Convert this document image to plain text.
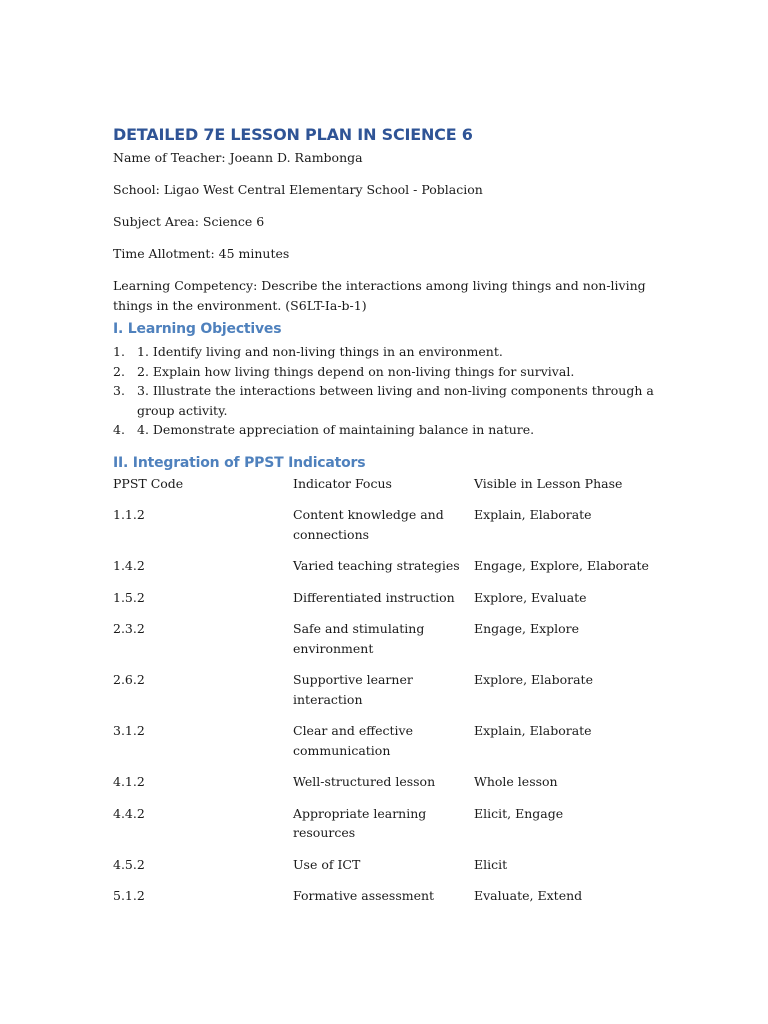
DETAILED 7E LESSON PLAN IN SCIENCE 6

Name of Teacher: Joeann D. Rambonga

School: Ligao West Central Elementary School - Poblacion

Subject Area: Science 6

Time Allotment: 45 minutes

Learning Competency: Describe the interactions among living things and non-living things in the environment. (S6LT-Ia-b-1)

I. Learning Objectives
1. 1. Identify living and non-living things in an environment.
2. 2. Explain how living things depend on non-living things for survival.
3. 3. Illustrate the interactions between living and non-living components through a group activity.
4. 4. Demonstrate appreciation of maintaining balance in nature.
II. Integration of PPST Indicators
PPST Code	Indicator Focus	Visible in Lesson Phase
1.1.2	Content knowledge and connections	Explain, Elaborate
1.4.2	Varied teaching strategies	Engage, Explore, Elaborate
1.5.2	Differentiated instruction	Explore, Evaluate
2.3.2	Safe and stimulating environment	Engage, Explore
2.6.2	Supportive learner interaction	Explore, Elaborate
3.1.2	Clear and effective communication	Explain, Elaborate
4.1.2	Well-structured lesson	Whole lesson
4.4.2	Appropriate learning resources	Elicit, Engage
4.5.2	Use of ICT	Elicit
5.1.2	Formative assessment	Evaluate, Extend
